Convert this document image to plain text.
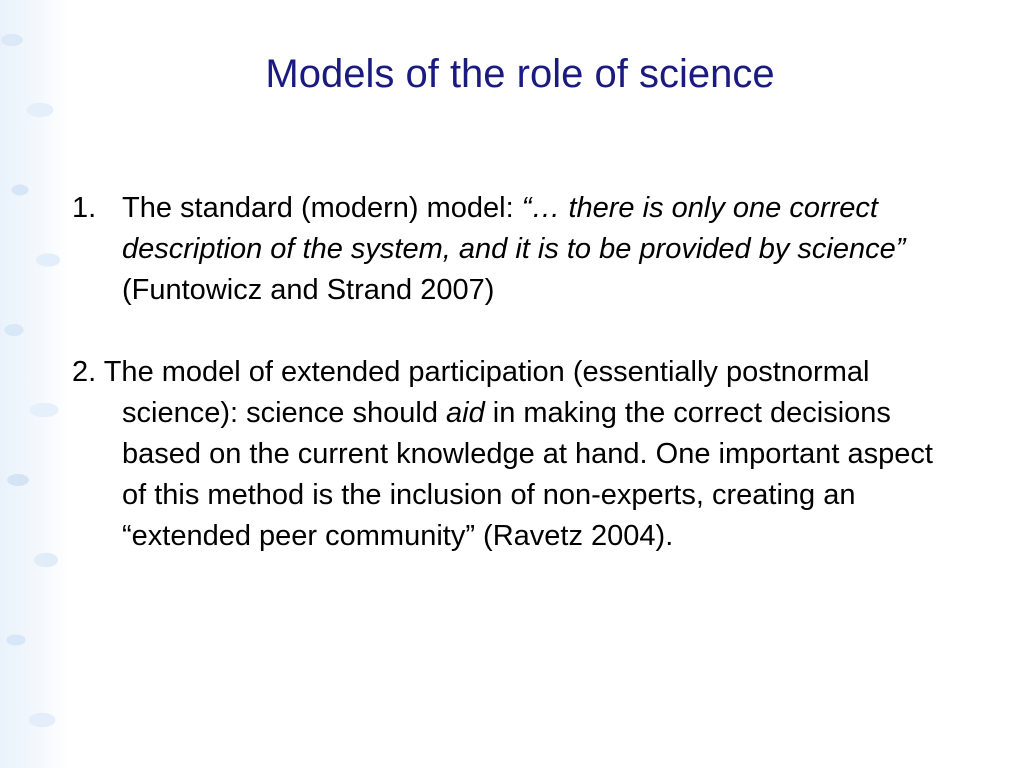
Models of the role of science

1. The standard (modern) model: “… there is only one correct description of the system, and it is to be provided by science” (Funtowicz and Strand 2007)

2. The model of extended participation (essentially postnormal science): science should aid in making the correct decisions based on the current knowledge at hand. One important aspect of this method is the inclusion of non-experts, creating an “extended peer community” (Ravetz 2004).
